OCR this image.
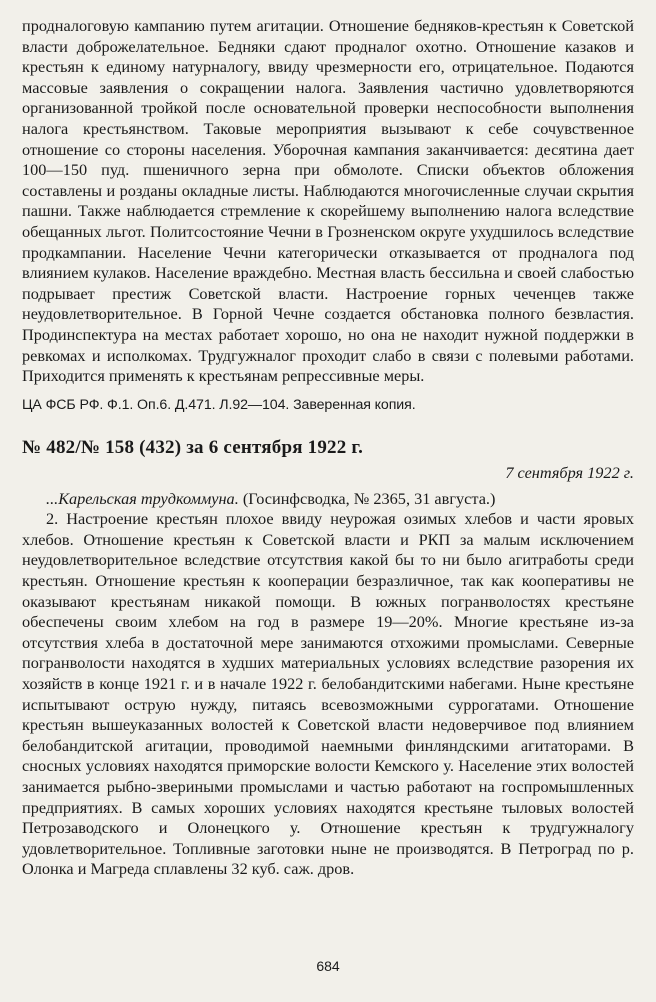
продналоговую кампанию путем агитации. Отношение бедняков-крестьян к Советской власти доброжелательное. Бедняки сдают продналог охотно. Отношение казаков и крестьян к единому натурналогу, ввиду чрезмерности его, отрицательное. Подаются массовые заявления о сокращении налога. Заявления частично удовлетворяются организованной тройкой после основательной проверки неспособности выполнения налога крестьянством. Таковые мероприятия вызывают к себе сочувственное отношение со стороны населения. Уборочная кампания заканчивается: десятина дает 100—150 пуд. пшеничного зерна при обмолоте. Списки объектов обложения составлены и розданы окладные листы. Наблюдаются многочисленные случаи скрытия пашни. Также наблюдается стремление к скорейшему выполнению налога вследствие обещанных льгот. Политсостояние Чечни в Грозненском округе ухудшилось вследствие продкампании. Население Чечни категорически отказывается от продналога под влиянием кулаков. Население враждебно. Местная власть бессильна и своей слабостью подрывает престиж Советской власти. Настроение горных чеченцев также неудовлетворительное. В Горной Чечне создается обстановка полного безвластия. Продинспектура на местах работает хорошо, но она не находит нужной поддержки в ревкомах и исполкомах. Трудгужналог проходит слабо в связи с полевыми работами. Приходится применять к крестьянам репрессивные меры.

ЦА ФСБ РФ. Ф.1. Оп.6. Д.471. Л.92—104. Заверенная копия.

№ 482/№ 158 (432) за 6 сентября 1922 г.
7 сентября 1922 г.

...Карельская трудкоммуна. (Госинфсводка, № 2365, 31 августа.)

2. Настроение крестьян плохое ввиду неурожая озимых хлебов и части яровых хлебов. Отношение крестьян к Советской власти и РКП за малым исключением неудовлетворительное вследствие отсутствия какой бы то ни было агитработы среди крестьян. Отношение крестьян к кооперации безразличное, так как кооперативы не оказывают крестьянам никакой помощи. В южных погранволостях крестьяне обеспечены своим хлебом на год в размере 19—20%. Многие крестьяне из-за отсутствия хлеба в достаточной мере занимаются отхожими промыслами. Северные погранволости находятся в худших материальных условиях вследствие разорения их хозяйств в конце 1921 г. и в начале 1922 г. белобандитскими набегами. Ныне крестьяне испытывают острую нужду, питаясь всевозможными суррогатами. Отношение крестьян вышеуказанных волостей к Советской власти недоверчивое под влиянием белобандитской агитации, проводимой наемными финляндскими агитаторами. В сносных условиях находятся приморские волости Кемского у. Население этих волостей занимается рыбно-звериными промыслами и частью работают на госпромышленных предприятиях. В самых хороших условиях находятся крестьяне тыловых волостей Петрозаводского и Олонецкого у. Отношение крестьян к трудгужналогу удовлетворительное. Топливные заготовки ныне не производятся. В Петроград по р. Олонка и Магреда сплавлены 32 куб. саж. дров.

684
